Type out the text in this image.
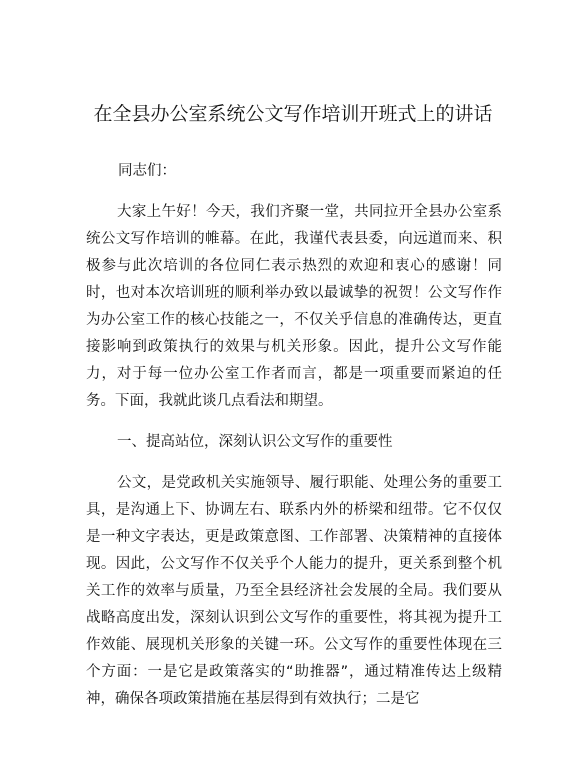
在全县办公室系统公文写作培训开班式上的讲话

同志们：

大家上午好！今天，我们齐聚一堂，共同拉开全县办公室系统公文写作培训的帷幕。在此，我谨代表县委，向远道而来、积极参与此次培训的各位同仁表示热烈的欢迎和衷心的感谢！同时，也对本次培训班的顺利举办致以最诚挚的祝贺！公文写作作为办公室工作的核心技能之一，不仅关乎信息的准确传达，更直接影响到政策执行的效果与机关形象。因此，提升公文写作能力，对于每一位办公室工作者而言，都是一项重要而紧迫的任务。下面，我就此谈几点看法和期望。

一、提高站位，深刻认识公文写作的重要性

公文，是党政机关实施领导、履行职能、处理公务的重要工具，是沟通上下、协调左右、联系内外的桥梁和纽带。它不仅仅是一种文字表达，更是政策意图、工作部署、决策精神的直接体现。因此，公文写作不仅关乎个人能力的提升，更关系到整个机关工作的效率与质量，乃至全县经济社会发展的全局。我们要从战略高度出发，深刻认识到公文写作的重要性，将其视为提升工作效能、展现机关形象的关键一环。公文写作的重要性体现在三个方面：一是它是政策落实的“助推器”，通过精准传达上级精神，确保各项政策措施在基层得到有效执行；二是它
